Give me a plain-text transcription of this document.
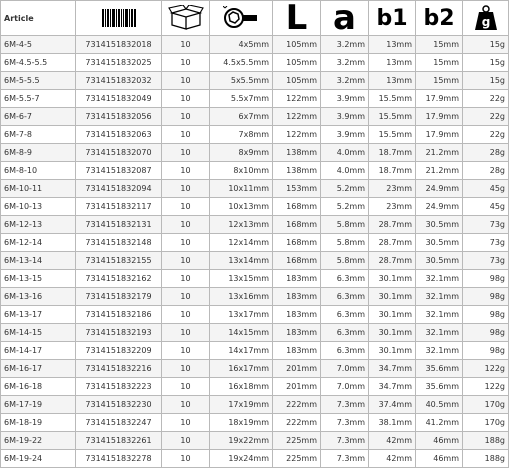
Article				L	a	b1	b2	g

6M-4-5	7314151832018	10	4x5mm	105mm	3.2mm	13mm	15mm	15g
6M-4.5-5.5	7314151832025	10	4.5x5.5mm	105mm	3.2mm	13mm	15mm	15g
6M-5-5.5	7314151832032	10	5x5.5mm	105mm	3.2mm	13mm	15mm	15g
6M-5.5-7	7314151832049	10	5.5x7mm	122mm	3.9mm	15.5mm	17.9mm	22g
6M-6-7	7314151832056	10	6x7mm	122mm	3.9mm	15.5mm	17.9mm	22g
6M-7-8	7314151832063	10	7x8mm	122mm	3.9mm	15.5mm	17.9mm	22g
6M-8-9	7314151832070	10	8x9mm	138mm	4.0mm	18.7mm	21.2mm	28g
6M-8-10	7314151832087	10	8x10mm	138mm	4.0mm	18.7mm	21.2mm	28g
6M-10-11	7314151832094	10	10x11mm	153mm	5.2mm	23mm	24.9mm	45g
6M-10-13	7314151832117	10	10x13mm	168mm	5.2mm	23mm	24.9mm	45g
6M-12-13	7314151832131	10	12x13mm	168mm	5.8mm	28.7mm	30.5mm	73g
6M-12-14	7314151832148	10	12x14mm	168mm	5.8mm	28.7mm	30.5mm	73g
6M-13-14	7314151832155	10	13x14mm	168mm	5.8mm	28.7mm	30.5mm	73g
6M-13-15	7314151832162	10	13x15mm	183mm	6.3mm	30.1mm	32.1mm	98g
6M-13-16	7314151832179	10	13x16mm	183mm	6.3mm	30.1mm	32.1mm	98g
6M-13-17	7314151832186	10	13x17mm	183mm	6.3mm	30.1mm	32.1mm	98g
6M-14-15	7314151832193	10	14x15mm	183mm	6.3mm	30.1mm	32.1mm	98g
6M-14-17	7314151832209	10	14x17mm	183mm	6.3mm	30.1mm	32.1mm	98g
6M-16-17	7314151832216	10	16x17mm	201mm	7.0mm	34.7mm	35.6mm	122g
6M-16-18	7314151832223	10	16x18mm	201mm	7.0mm	34.7mm	35.6mm	122g
6M-17-19	7314151832230	10	17x19mm	222mm	7.3mm	37.4mm	40.5mm	170g
6M-18-19	7314151832247	10	18x19mm	222mm	7.3mm	38.1mm	41.2mm	170g
6M-19-22	7314151832261	10	19x22mm	225mm	7.3mm	42mm	46mm	188g
6M-19-24	7314151832278	10	19x24mm	225mm	7.3mm	42mm	46mm	188g
